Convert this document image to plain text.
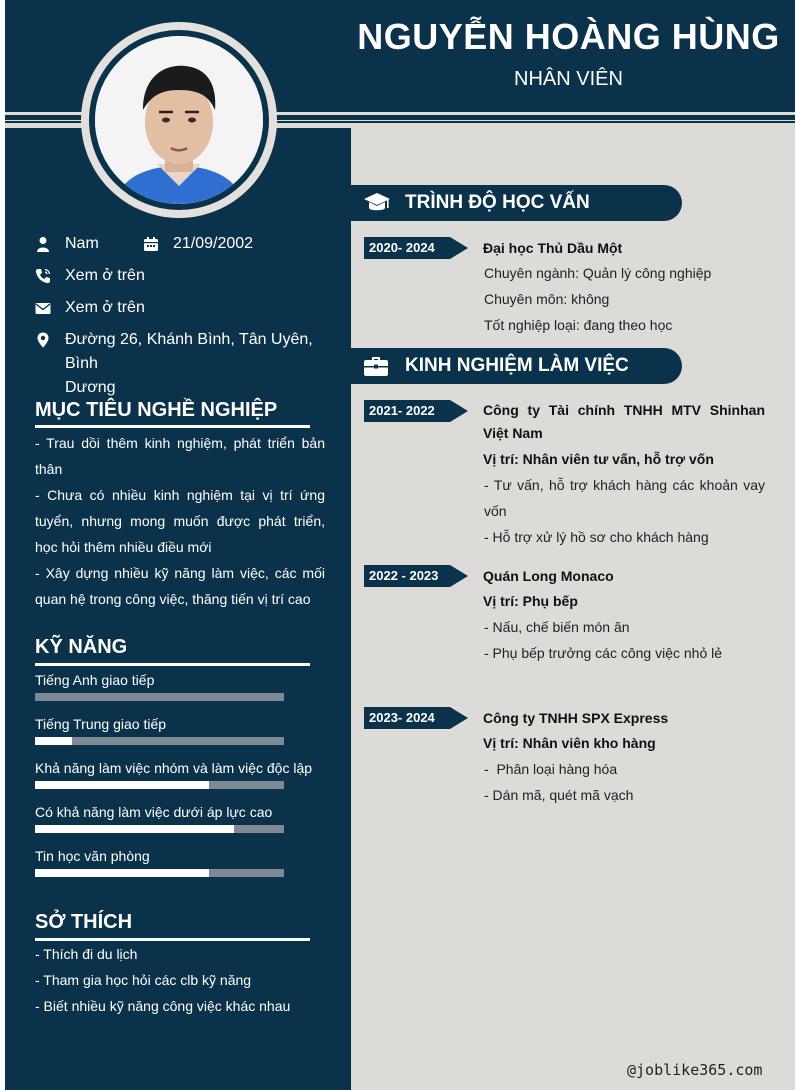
NGUYỄN HOÀNG HÙNG
NHÂN VIÊN
Nam	21/09/2002
Xem ở trên
Xem ở trên
Đường 26, Khánh Bình, Tân Uyên, Bình
Dương
MỤC TIÊU NGHỀ NGHIỆP
- Trau dồi thêm kinh nghiệm, phát triển bản thân
- Chưa có nhiều kinh nghiệm tại vị trí ứng tuyển, nhưng mong muốn được phát triển, học hỏi thêm nhiều điều mới
- Xây dựng nhiều kỹ năng làm việc, các mối quan hệ trong công việc, thăng tiến vị trí cao
KỸ NĂNG
Tiếng Anh giao tiếp
Tiếng Trung giao tiếp
Khả năng làm việc nhóm và làm việc độc lập
Có khả năng làm việc dưới áp lực cao
Tin học văn phòng
SỞ THÍCH
- Thích đi du lịch
- Tham gia học hỏi các clb kỹ năng
- Biết nhiều kỹ năng công việc khác nhau
TRÌNH ĐỘ HỌC VẤN
2020- 2024	Đại học Thủ Dầu Một
Chuyên ngành: Quản lý công nghiệp
Chuyên môn: không
Tốt nghiệp loại: đang theo học
KINH NGHIỆM LÀM VIỆC
2021- 2022	Công ty Tài chính TNHH MTV Shinhan Việt Nam
Vị trí: Nhân viên tư vấn, hỗ trợ vốn
- Tư vấn, hỗ trợ khách hàng các khoản vay vốn
- Hỗ trợ xử lý hồ sơ cho khách hàng
2022 - 2023	Quán Long Monaco
Vị trí: Phụ bếp
- Nấu, chế biến món ăn
- Phụ bếp trưởng các công việc nhỏ lẻ
2023- 2024	Công ty TNHH SPX Express
Vị trí: Nhân viên kho hàng
-  Phân loại hàng hóa
- Dán mã, quét mã vạch
@joblike365.com
